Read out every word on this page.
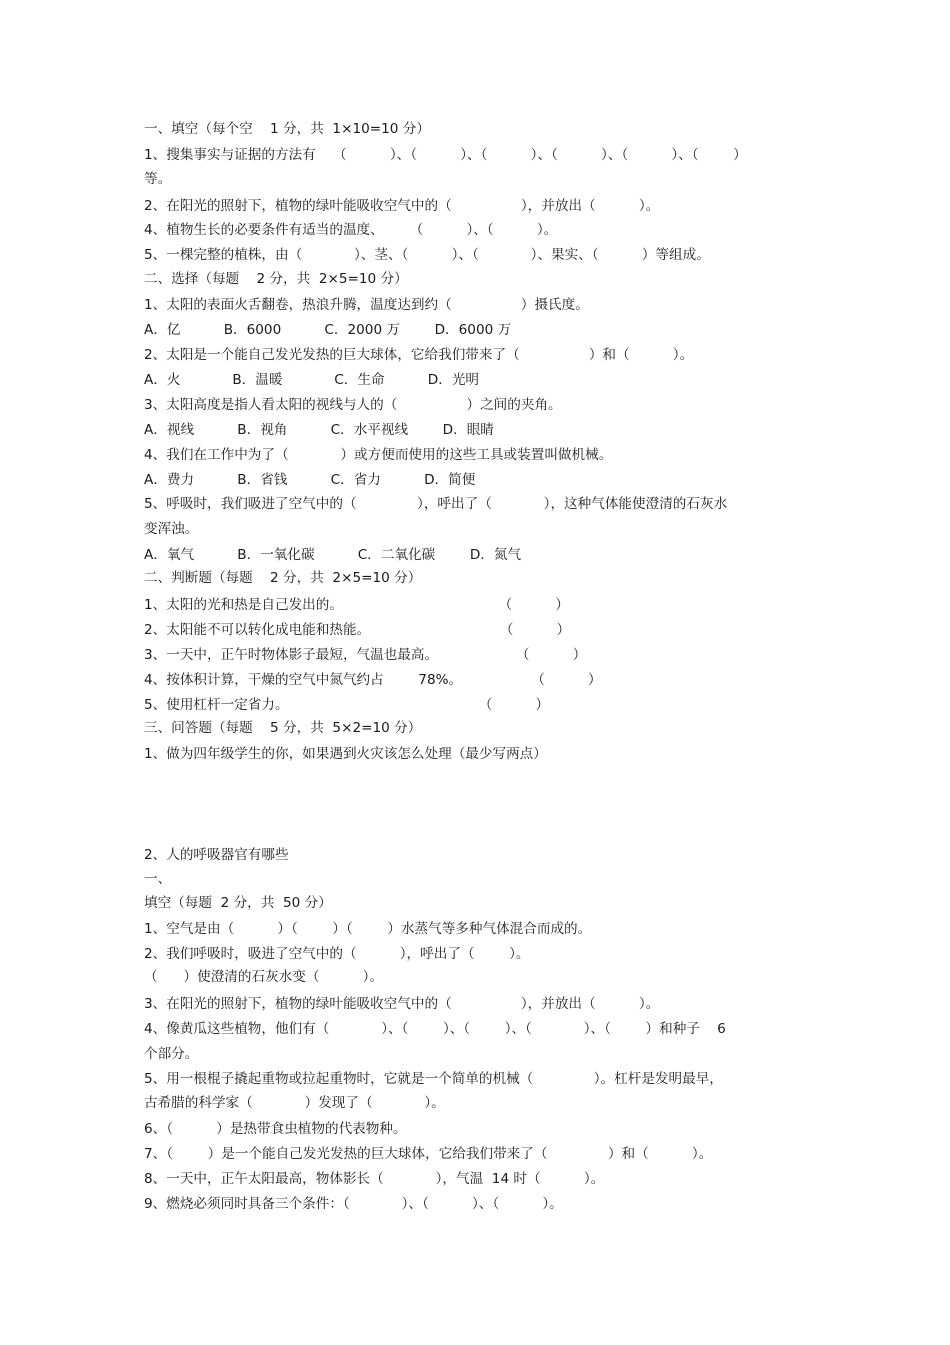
一、填空（每个空    1 分，共  1×10=10 分）
1、搜集事实与证据的方法有    （          ）、（          ）、（          ）、（          ）、（          ）、（        ）
等。
2、在阳光的照射下，植物的绿叶能吸收空气中的（                ），并放出（          ）。
4、植物生长的必要条件有适当的温度、      （          ）、（          ）。
5、一棵完整的植株，由（            ）、茎、（          ）、（            ）、果实、（          ）等组成。
二、选择（每题    2 分，共  2×5=10 分）
1、太阳的表面火舌翻卷，热浪升腾，温度达到约（                ）摄氏度。
A．亿          B．6000          C．2000 万        D．6000 万
2、太阳是一个能自己发光发热的巨大球体，它给我们带来了（                ）和（          ）。
A．火            B．温暖            C．生命          D．光明
3、太阳高度是指人看太阳的视线与人的（                ）之间的夹角。
A．视线          B．视角          C．水平视线        D．眼睛
4、我们在工作中为了（            ）或方便而使用的这些工具或装置叫做机械。
A．费力          B．省钱          C．省力          D．简便
5、呼吸时，我们吸进了空气中的（              ），呼出了（            ），这种气体能使澄清的石灰水
变浑浊。
A．氧气          B．一氧化碳          C．二氧化碳        D．氮气
二、判断题（每题    2 分，共  2×5=10 分）
1、太阳的光和热是自己发出的。                                    （          ）
2、太阳能不可以转化成电能和热能。                              （          ）
3、一天中，正午时物体影子最短，气温也最高。                  （          ）
4、按体积计算，干燥的空气中氮气约占        78%。                （          ）
5、使用杠杆一定省力。                                            （          ）
三、问答题（每题    5 分，共  5×2=10 分）
1、做为四年级学生的你，如果遇到火灾该怎么处理（最少写两点）
2、人的呼吸器官有哪些
一、
填空（每题  2 分，共  50 分）
1、空气是由（          ）（        ）（        ）水蒸气等多种气体混合而成的。
2、我们呼吸时，吸进了空气中的（          ），呼出了（        ）。
（      ）使澄清的石灰水变（          ）。
3、在阳光的照射下，植物的绿叶能吸收空气中的（                ），并放出（          ）。
4、像黄瓜这些植物，他们有（            ）、（        ）、（        ）、（            ）、（        ）和种子    6
个部分。
5、用一根棍子撬起重物或拉起重物时，它就是一个简单的机械（              ）。杠杆是发明最早，
古希腊的科学家（            ）发现了（            ）。
6、（          ）是热带食虫植物的代表物种。
7、（        ）是一个能自己发光发热的巨大球体，它给我们带来了（              ）和（          ）。
8、一天中，正午太阳最高，物体影长（            ），气温  14 时（          ）。
9、燃烧必须同时具备三个条件：（            ）、（          ）、（          ）。
